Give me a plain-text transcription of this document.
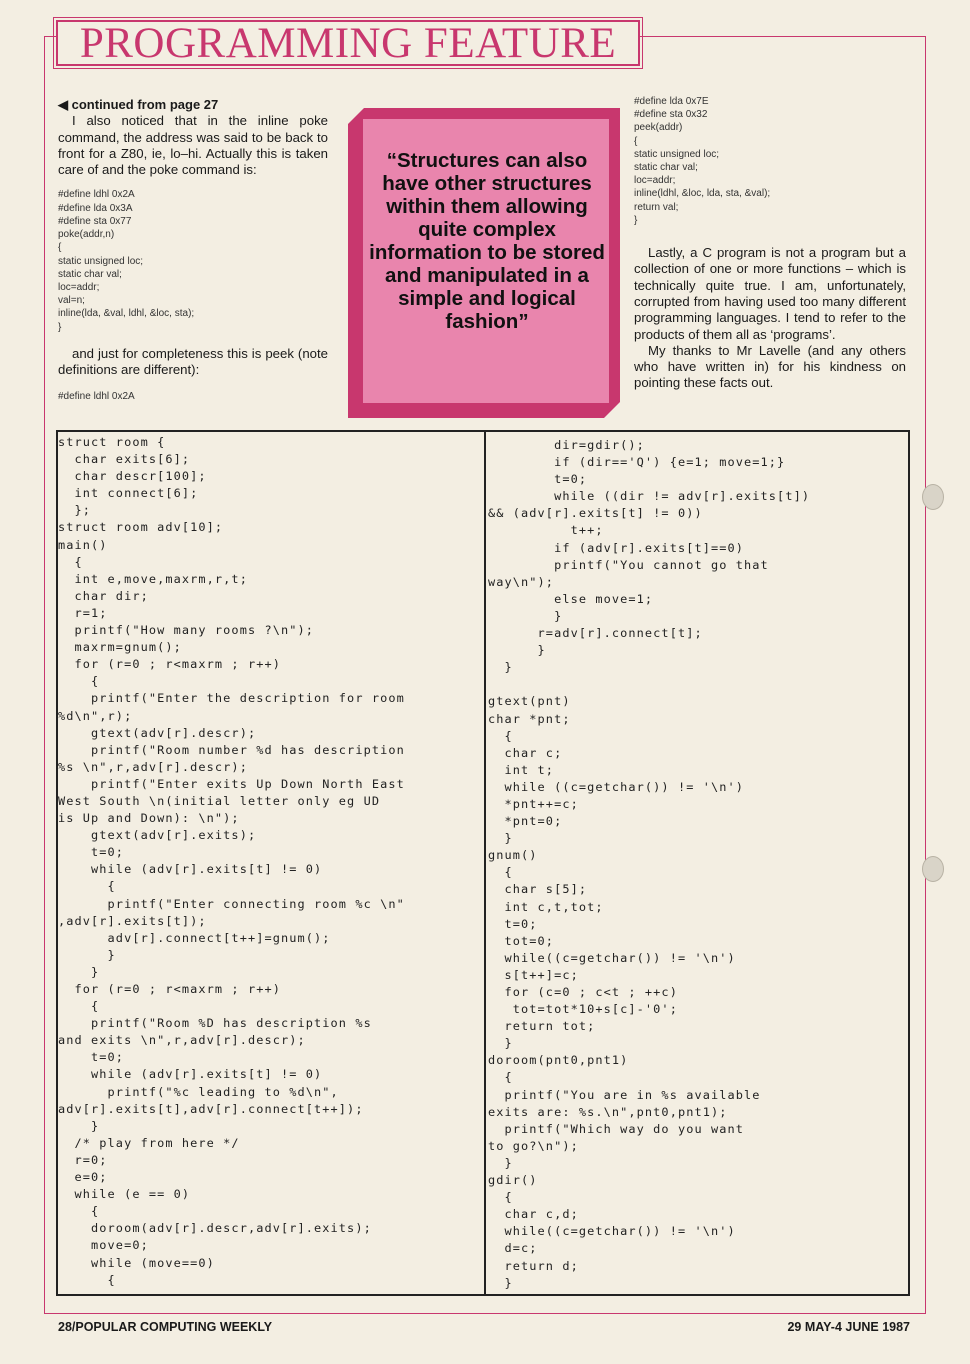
PROGRAMMING FEATURE
◀ continued from page 27

I also noticed that in the inline poke command, the address was said to be back to front for a Z80, ie, lo–hi. Actually this is taken care of and the poke command is:

#define ldhl 0x2A
#define lda 0x3A
#define sta 0x77
poke(addr,n)
{
static unsigned loc;
static char val;
loc=addr;
val=n;
inline(lda, &val, ldhl, &loc, sta);
}

and just for completeness this is peek (note definitions are different):

#define ldhl 0x2A
“Structures can also have other structures within them allowing quite complex information to be stored and manipulated in a simple and logical fashion”
#define lda 0x7E
#define sta 0x32
peek(addr)
{
static unsigned loc;
static char val;
loc=addr;
inline(ldhl, &loc, lda, sta, &val);
return val;
}

Lastly, a C program is not a program but a collection of one or more functions – which is technically quite true. I am, unfortunately, corrupted from having used too many different programming languages. I tend to refer to the products of them all as ‘programs’.

My thanks to Mr Lavelle (and any others who have written in) for his kindness on pointing these facts out.

struct room {
char exits[6];
char descr[100];
int connect[6];
};
struct room adv[10];
main()
{
int e,move,maxrm,r,t;
char dir;
r=1;
printf("How many rooms ?\n");
maxrm=gnum();
for (r=0 ; r<maxrm ; r++)
{
printf("Enter the description for room
%d\n",r);
gtext(adv[r].descr);
printf("Room number %d has description
%s \n",r,adv[r].descr);
printf("Enter exits Up Down North East
West South \n(initial letter only eg UD
is Up and Down): \n");
gtext(adv[r].exits);
t=0;
while (adv[r].exits[t] != 0)
{
printf("Enter connecting room %c \n"
,adv[r].exits[t]);
adv[r].connect[t++]=gnum();
}
}
for (r=0 ; r<maxrm ; r++)
{
printf("Room %D has description %s
and exits \n",r,adv[r].descr);
t=0;
while (adv[r].exits[t] != 0)
printf("%c leading to %d\n",
adv[r].exits[t],adv[r].connect[t++]);
}
/* play from here */
r=0;
e=0;
while (e == 0)
{
doroom(adv[r].descr,adv[r].exits);
move=0;
while (move==0)
{
dir=gdir();
if (dir=='Q') {e=1; move=1;}
t=0;
while ((dir != adv[r].exits[t])
&& (adv[r].exits[t] != 0))
t++;
if (adv[r].exits[t]==0)
printf("You cannot go that
way\n");
else move=1;
}
r=adv[r].connect[t];
}
}

gtext(pnt)
char *pnt;
{
char c;
int t;
while ((c=getchar()) != '\n')
*pnt++=c;
*pnt=0;
}
gnum()
{
char s[5];
int c,t,tot;
t=0;
tot=0;
while((c=getchar()) != '\n')
s[t++]=c;
for (c=0 ; c<t ; ++c)
tot=tot*10+s[c]-'0';
return tot;
}
doroom(pnt0,pnt1)
{
printf("You are in %s available
exits are: %s.\n",pnt0,pnt1);
printf("Which way do you want
to go?\n");
}
gdir()
{
char c,d;
while((c=getchar()) != '\n')
d=c;
return d;
}
28/POPULAR COMPUTING WEEKLY	29 MAY-4 JUNE 1987
